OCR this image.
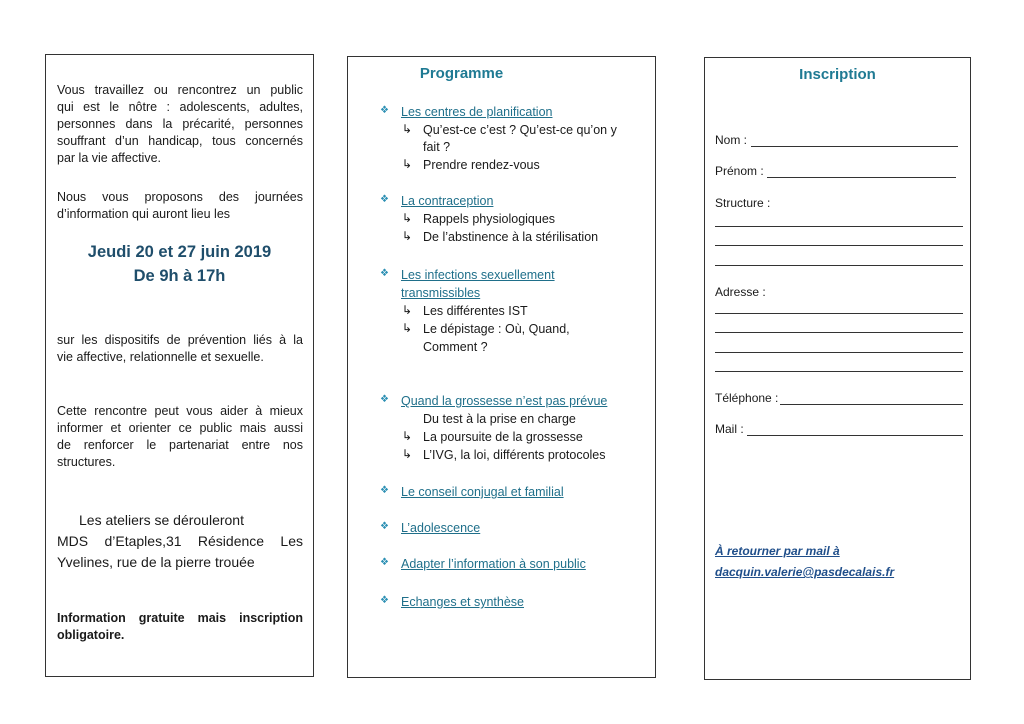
Vous travaillez ou rencontrez un public
qui est le nôtre : adolescents, adultes,
personnes dans la précarité, personnes
souffrant d’un handicap, tous concernés
par la vie affective.
Nous vous proposons des journées
d’information qui auront lieu les
Jeudi 20 et 27 juin 2019
De 9h à 17h
sur les dispositifs de prévention liés à la
vie affective, relationnelle et sexuelle.
Cette rencontre peut vous aider à mieux
informer et orienter ce public mais aussi
de renforcer le partenariat entre nos
structures.
Les ateliers se dérouleront
MDS d’Etaples,31 Résidence Les
Yvelines, rue de la pierre trouée
Information gratuite mais inscription
obligatoire.
Programme
❖ Les centres de planification
↳ Qu’est-ce c’est ? Qu’est-ce qu’on y
fait ?
↳ Prendre rendez-vous
❖ La contraception
↳ Rappels physiologiques
↳ De l’abstinence à la stérilisation
❖ Les infections sexuellement
transmissibles
↳ Les différentes IST
↳ Le dépistage : Où, Quand,
Comment ?
❖ Quand la grossesse n’est pas prévue
Du test à la prise en charge
↳ La poursuite de la grossesse
↳ L’IVG, la loi, différents protocoles
❖ Le conseil conjugal et familial
❖ L’adolescence
❖ Adapter l’information à son public
❖ Echanges et synthèse
Inscription
Nom :
Prénom :
Structure :
Adresse :
Téléphone :
Mail :
À retourner par mail à
dacquin.valerie@pasdecalais.fr
